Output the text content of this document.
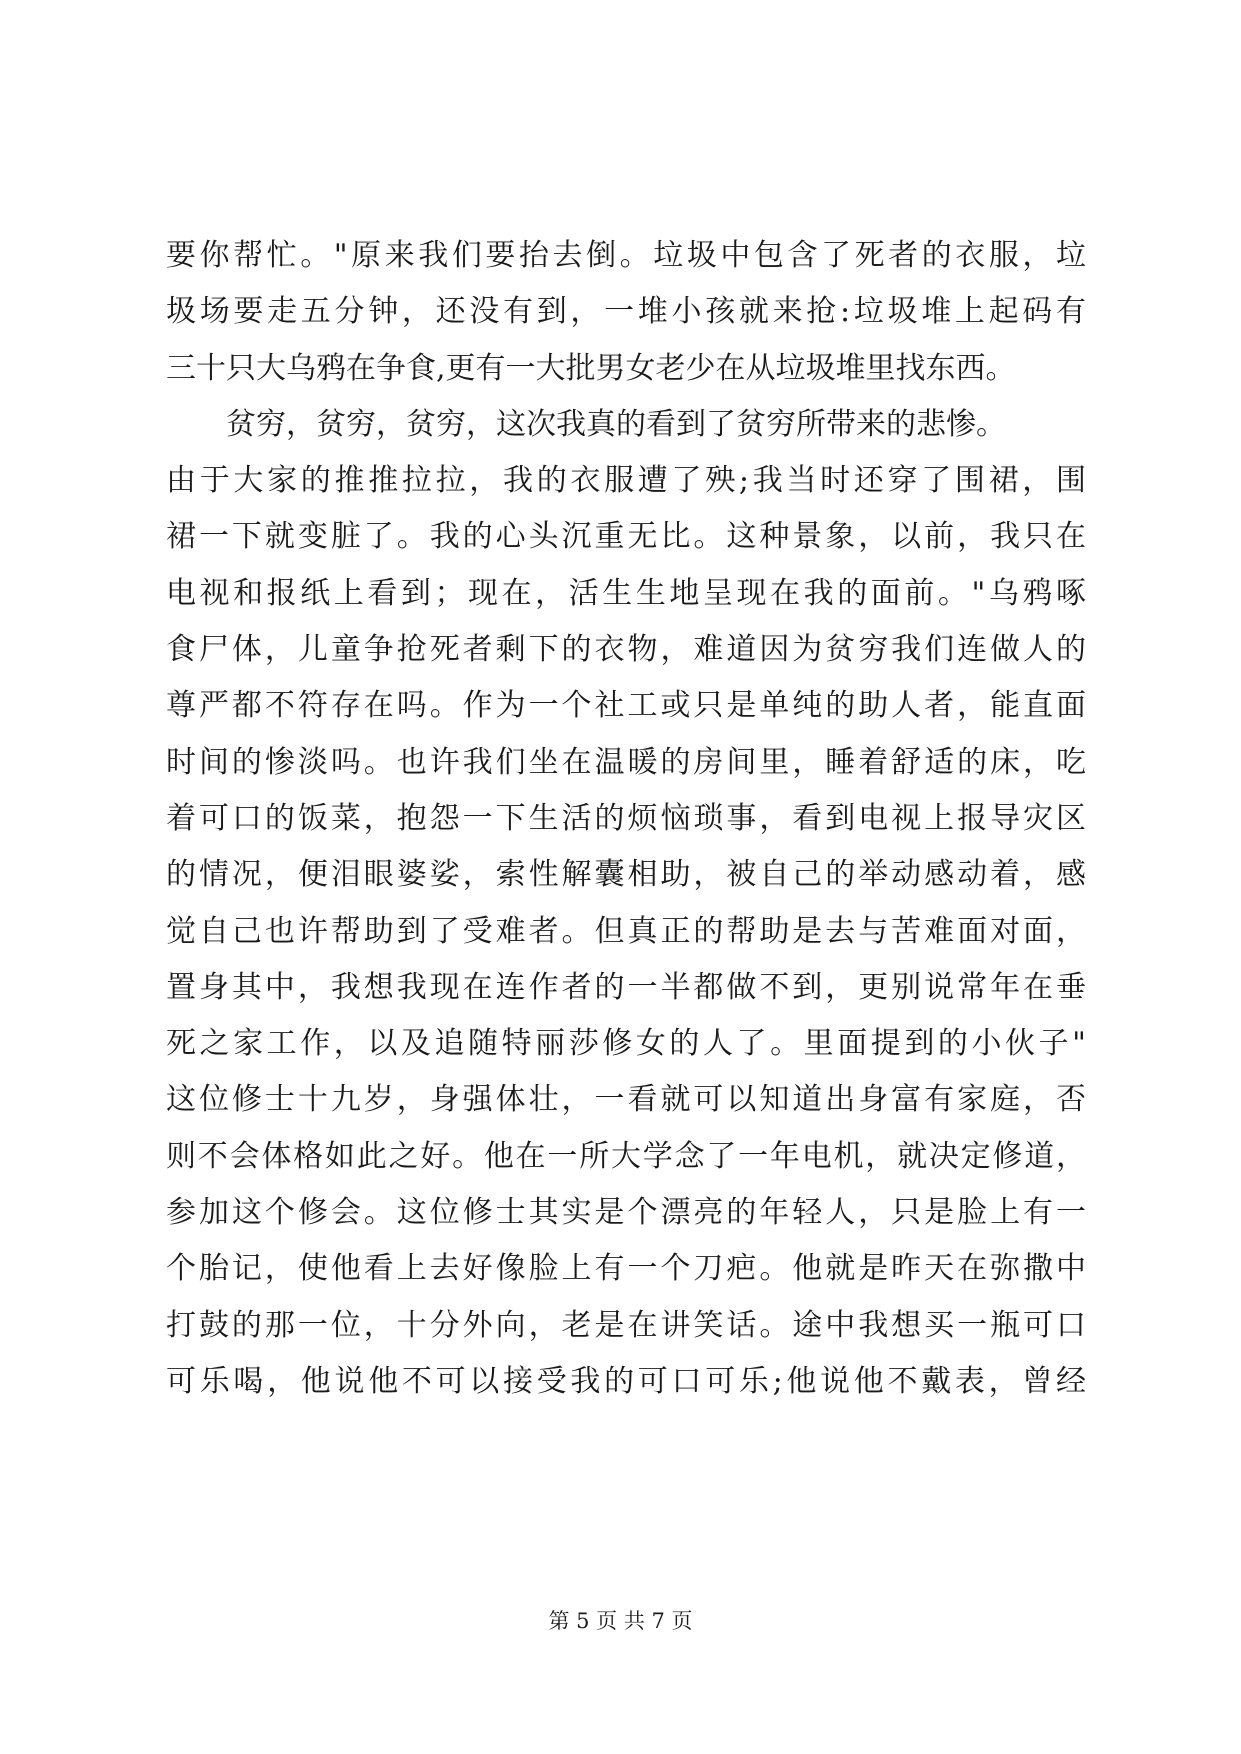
要你帮忙。"原来我们要抬去倒。垃圾中包含了死者的衣服，垃
圾场要走五分钟，还没有到，一堆小孩就来抢:垃圾堆上起码有
三十只大乌鸦在争食,更有一大批男女老少在从垃圾堆里找东西。
贫穷，贫穷，贫穷，这次我真的看到了贫穷所带来的悲惨。
由于大家的推推拉拉，我的衣服遭了殃;我当时还穿了围裙，围
裙一下就变脏了。我的心头沉重无比。这种景象，以前，我只在
电视和报纸上看到；现在，活生生地呈现在我的面前。"乌鸦啄
食尸体，儿童争抢死者剩下的衣物，难道因为贫穷我们连做人的
尊严都不符存在吗。作为一个社工或只是单纯的助人者，能直面
时间的惨淡吗。也许我们坐在温暖的房间里，睡着舒适的床，吃
着可口的饭菜，抱怨一下生活的烦恼琐事，看到电视上报导灾区
的情况，便泪眼婆娑，索性解囊相助，被自己的举动感动着，感
觉自己也许帮助到了受难者。但真正的帮助是去与苦难面对面，
置身其中，我想我现在连作者的一半都做不到，更别说常年在垂
死之家工作，以及追随特丽莎修女的人了。里面提到的小伙子"
这位修士十九岁，身强体壮，一看就可以知道出身富有家庭，否
则不会体格如此之好。他在一所大学念了一年电机，就决定修道，
参加这个修会。这位修士其实是个漂亮的年轻人，只是脸上有一
个胎记，使他看上去好像脸上有一个刀疤。他就是昨天在弥撒中
打鼓的那一位，十分外向，老是在讲笑话。途中我想买一瓶可口
可乐喝，他说他不可以接受我的可口可乐;他说他不戴表，曾经
第 5 页 共 7 页
